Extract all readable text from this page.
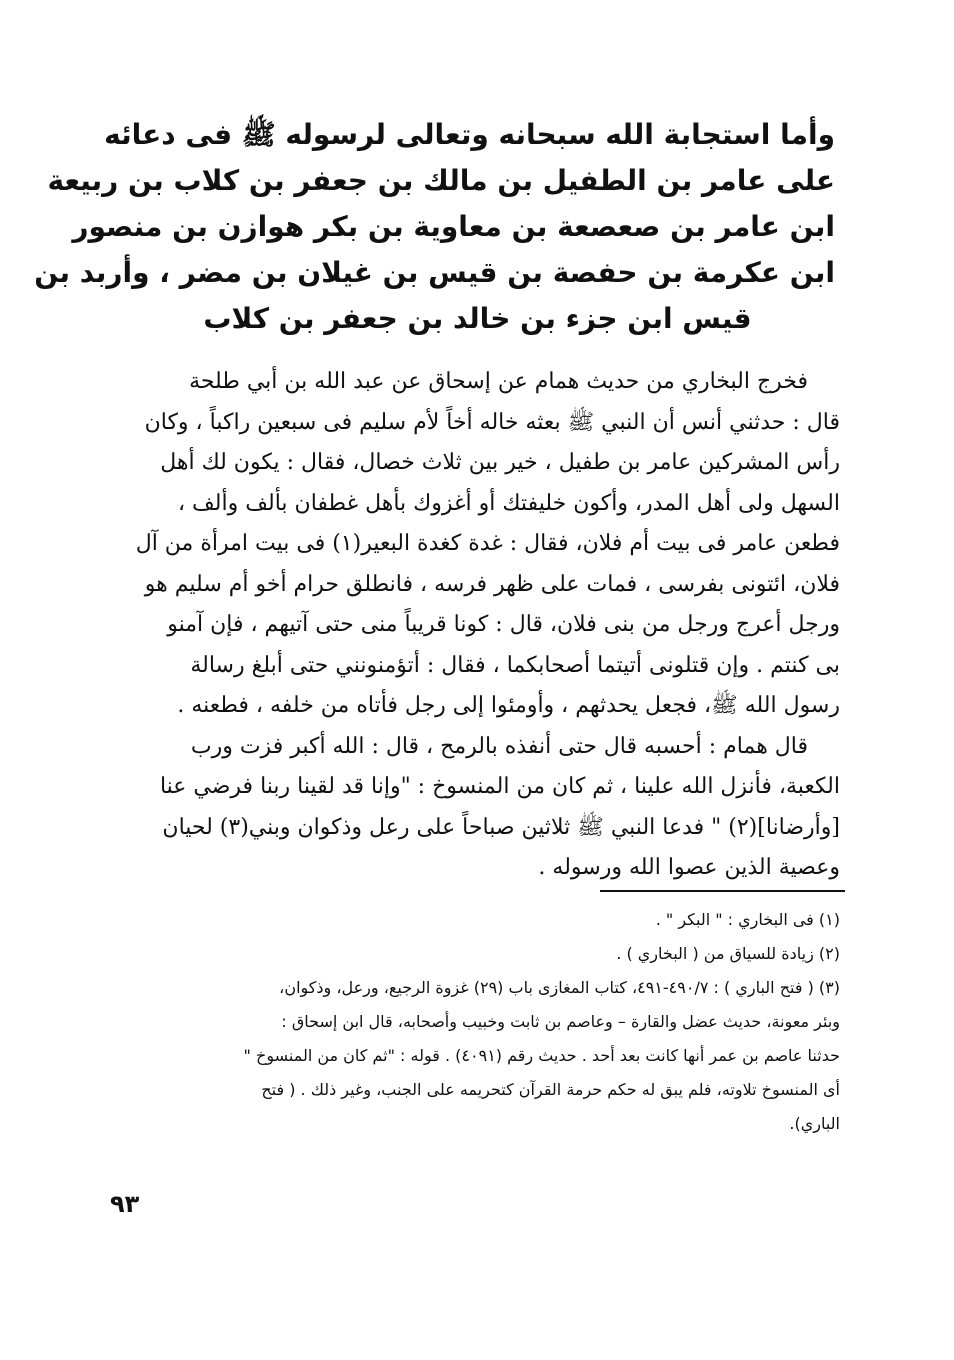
وأما استجابة الله سبحانه وتعالى لرسوله ﷺ فى دعائه
على عامر بن الطفيل بن مالك بن جعفر بن كلاب بن ربيعة
ابن عامر بن صعصعة بن معاوية بن بكر هوازن بن منصور
ابن عكرمة بن حفصة بن قيس بن غيلان بن مضر ، وأربد بن
قيس ابن جزء بن خالد بن جعفر بن كلاب
فخرج البخاري من حديث همام عن إسحاق عن عبد الله بن أبي طلحة
قال : حدثني أنس أن النبي ﷺ بعثه خاله أخاً لأم سليم فى سبعين راكباً ، وكان
رأس المشركين عامر بن طفيل ، خير بين ثلاث خصال، فقال : يكون لك أهل
السهل ولى أهل المدر، وأكون خليفتك أو أغزوك بأهل غطفان بألف وألف ،
فطعن عامر فى بيت أم فلان، فقال : غدة كغدة البعير(١) فى بيت امرأة من آل
فلان، ائتونى بفرسى ، فمات على ظهر فرسه ، فانطلق حرام أخو أم سليم هو
ورجل أعرج ورجل من بنى فلان، قال : كونا قريباً منى حتى آتيهم ، فإن آمنو
بى كنتم . وإن قتلونى أتيتما أصحابكما ، فقال : أتؤمنونني حتى أبلغ رسالة
رسول الله ﷺ، فجعل يحدثهم ، وأومئوا إلى رجل فأتاه من خلفه ، فطعنه .
قال همام : أحسبه قال حتى أنفذه بالرمح ، قال : الله أكبر فزت ورب
الكعبة، فأنزل الله علينا ، ثم كان من المنسوخ : "وإنا قد لقينا ربنا فرضي عنا
[وأرضانا](٢) " فدعا النبي ﷺ ثلاثين صباحاً على رعل وذكوان وبني(٣) لحيان
وعصية الذين عصوا الله ورسوله .
(١) فى البخاري : " البكر " .
(٢) زيادة للسياق من ( البخاري ) .
(٣) ( فتح الباري ) : ٤٩٠/٧-٤٩١، كتاب المغازى باب (٢٩) غزوة الرجيع، ورعل، وذكوان،
وبئر معونة، حديث عضل والقارة – وعاصم بن ثابت وخبيب وأصحابه، قال ابن إسحاق :
حدثنا عاصم بن عمر أنها كانت بعد أحد . حديث رقم (٤٠٩١) . قوله : "ثم كان من المنسوخ "
أى المنسوخ تلاوته، فلم يبق له حكم حرمة القرآن كتحريمه على الجنب، وغير ذلك . ( فتح
الباري).
٩٣
